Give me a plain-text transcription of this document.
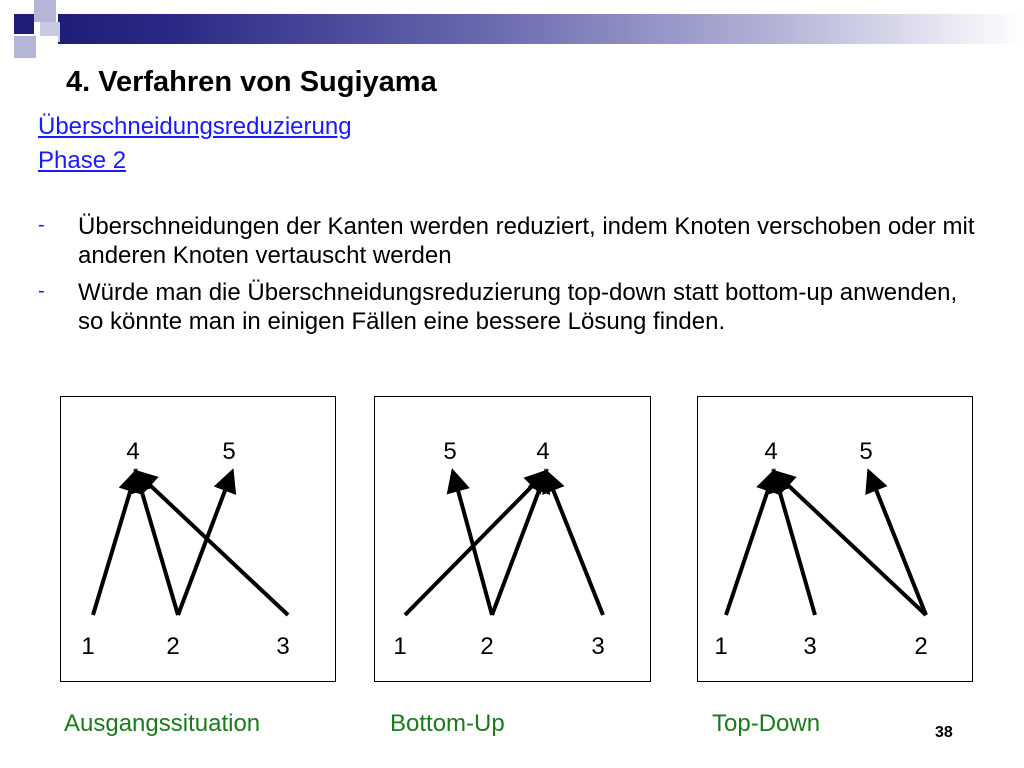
4. Verfahren von Sugiyama
Überschneidungsreduzierung
Phase 2
- Überschneidungen der Kanten werden reduziert, indem Knoten verschoben oder mit anderen Knoten vertauscht werden
- Würde man die Überschneidungsreduzierung top-down statt bottom-up anwenden, so könnte man in einigen Fällen eine bessere Lösung finden.
4	5
1	2	3
5	4
1	2	3
4	5
1	3	2
Ausgangssituation	Bottom-Up	Top-Down	38
